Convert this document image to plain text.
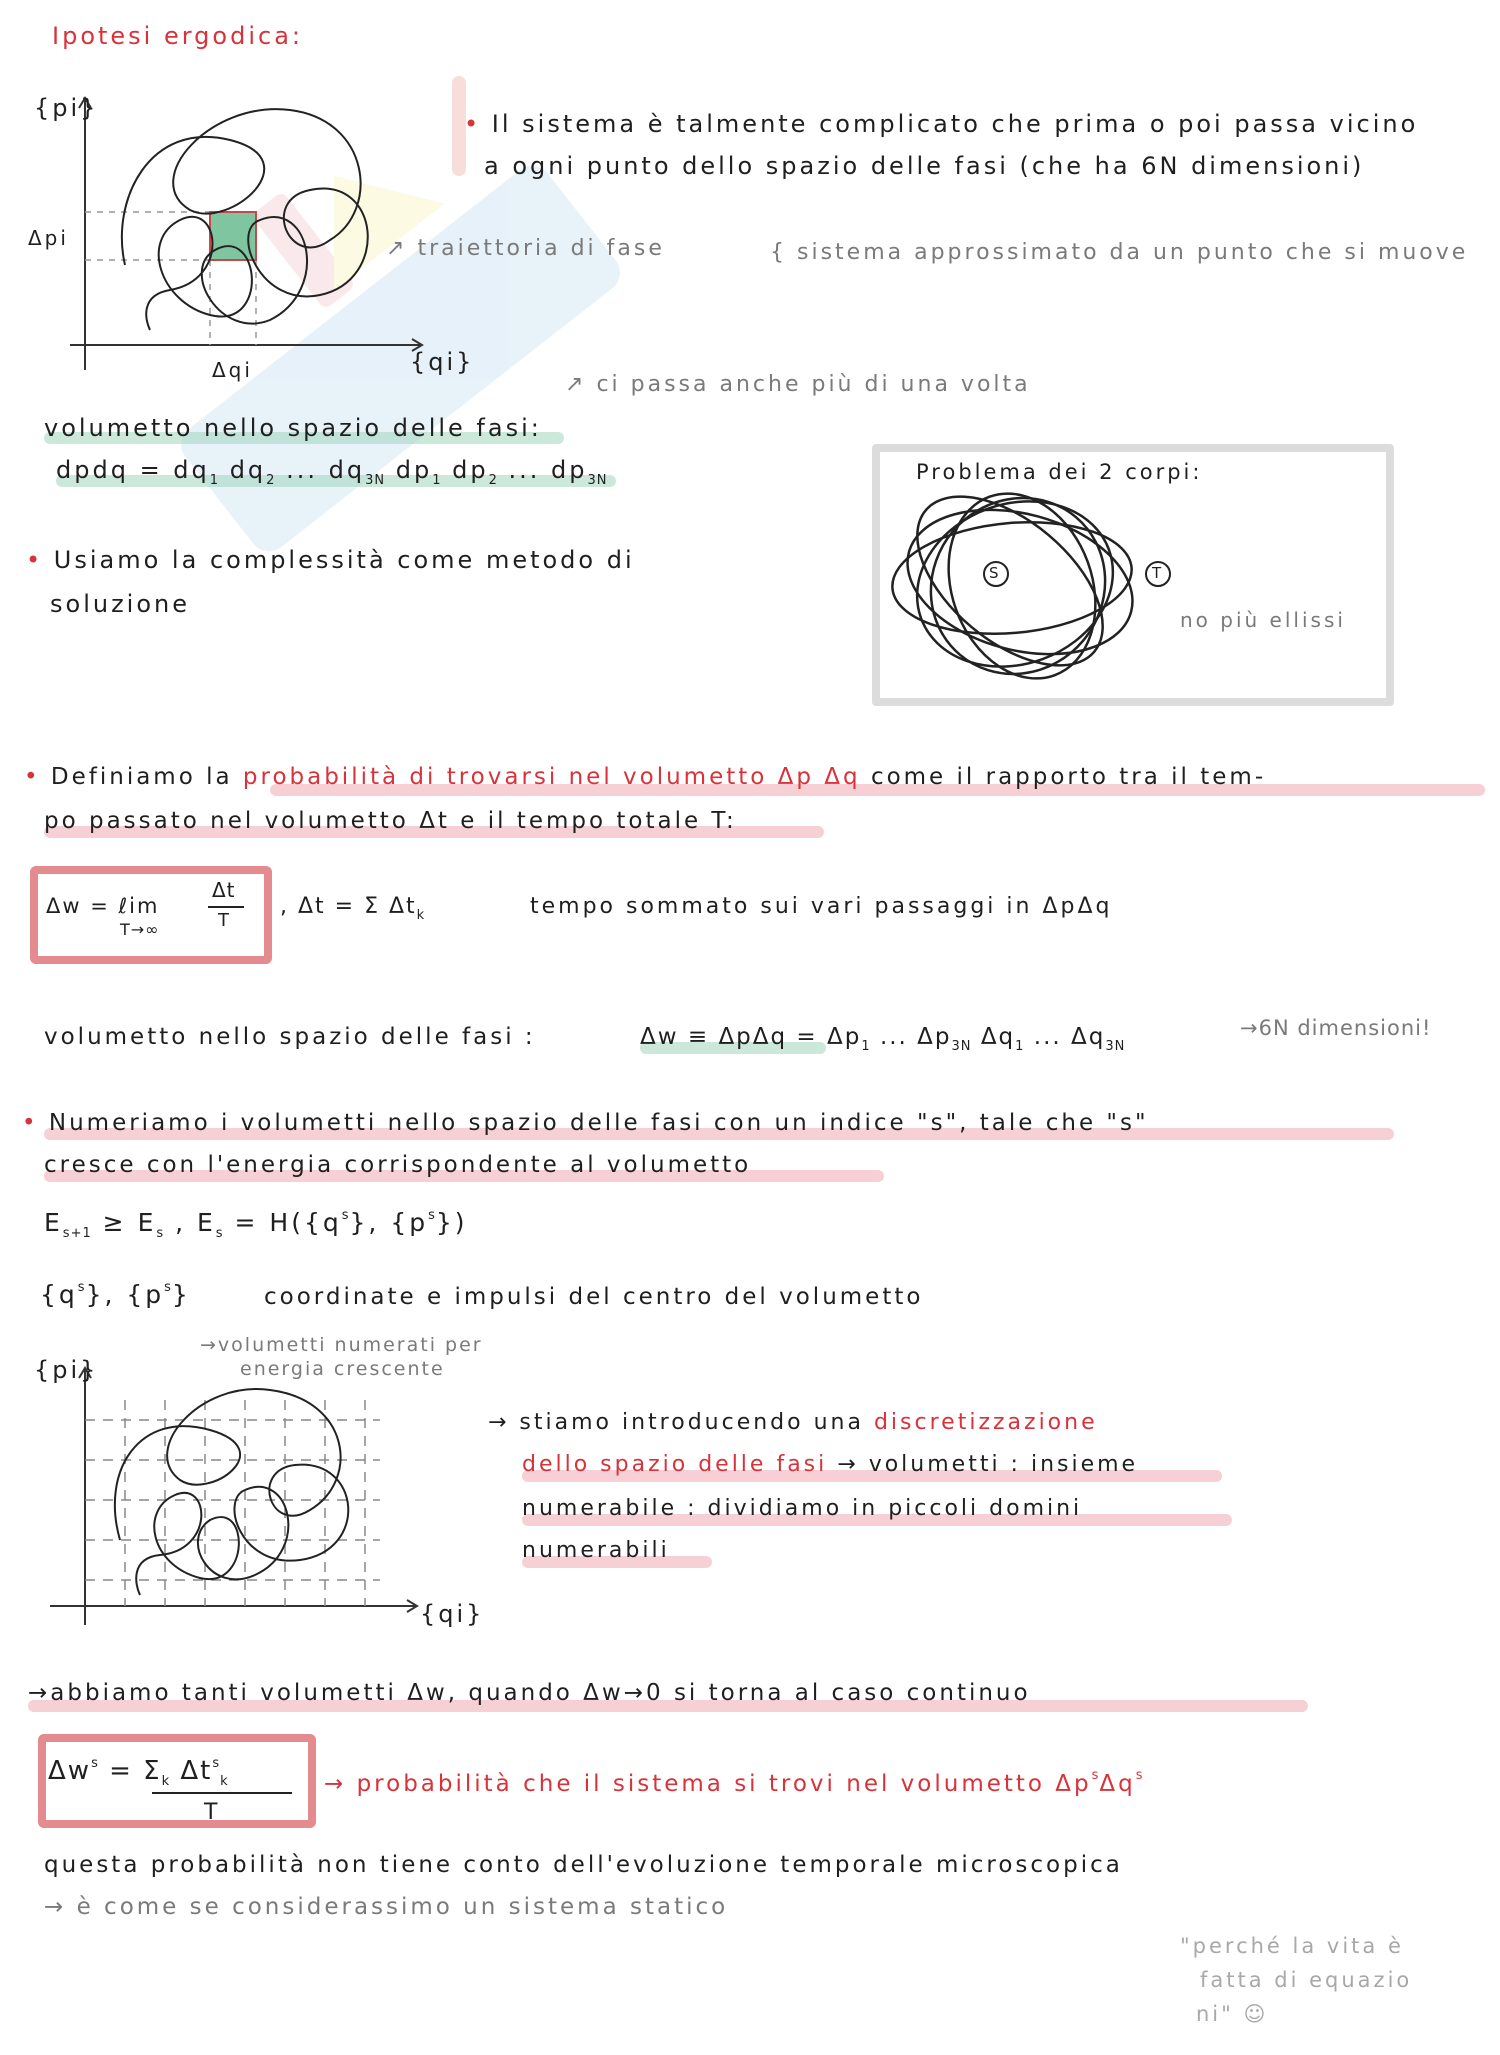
Ipotesi ergodica:
{pi}
{qi}
Δpi
Δqi
↗ traiettoria di fase
• Il sistema è talmente complicato che prima o poi passa vicino
a ogni punto dello spazio delle fasi (che ha 6N dimensioni)
{ sistema approssimato da un punto che si muove
↗ ci passa anche più di una volta
volumetto nello spazio delle fasi:
dpdq = $dq_1$ $dq_2$ ... $dq_{3N}$ $dp_1$ $dp_2$ ... $dp_{3N}$
• Usiamo la complessità come metodo di
soluzione
Problema dei 2 corpi:
S	T
no più ellissi
• Definiamo la probabilità di trovarsi nel volumetto Δp Δq come il rapporto tra il tem-
po passato nel volumetto Δt e il tempo totale T:
Δw = ℓim
Δt
T
T→∞
, Δt = Σ $\Delta t_k$	tempo sommato sui vari passaggi in ΔpΔq
volumetto nello spazio delle fasi :	$\Delta w \equiv \Delta p\Delta q = \Delta p_1$ ... $\Delta p_{3N}$ $\Delta q_1$ ... $\Delta q_{3N}$
→6N dimensioni!
• Numeriamo i volumetti nello spazio delle fasi con un indice "s", tale che "s"
cresce con l'energia corrispondente al volumetto
$E_{s+1} \ge E_s$ , $E_s = H(\{q^s\}$, $\{p^s\}$)
$\{q^s\}$, $\{p^s\}$	coordinate e impulsi del centro del volumetto
{pi}
{qi}
→volumetti numerati per
energia crescente
→ stiamo introducendo una discretizzazione
dello spazio delle fasi → volumetti : insieme
numerabile : dividiamo in piccoli domini
numerabili
→abbiamo tanti volumetti Δw, quando Δw→0 si torna al caso continuo
$\Delta w^s = \Sigma_k$ $\Delta t^s_k$
T
→ probabilità che il sistema si trovi nel volumetto $\Delta p^s\Delta q^s$
questa probabilità non tiene conto dell'evoluzione temporale microscopica
→ è come se considerassimo un sistema statico
"perché la vita è
fatta di equazio
ni" ☺
